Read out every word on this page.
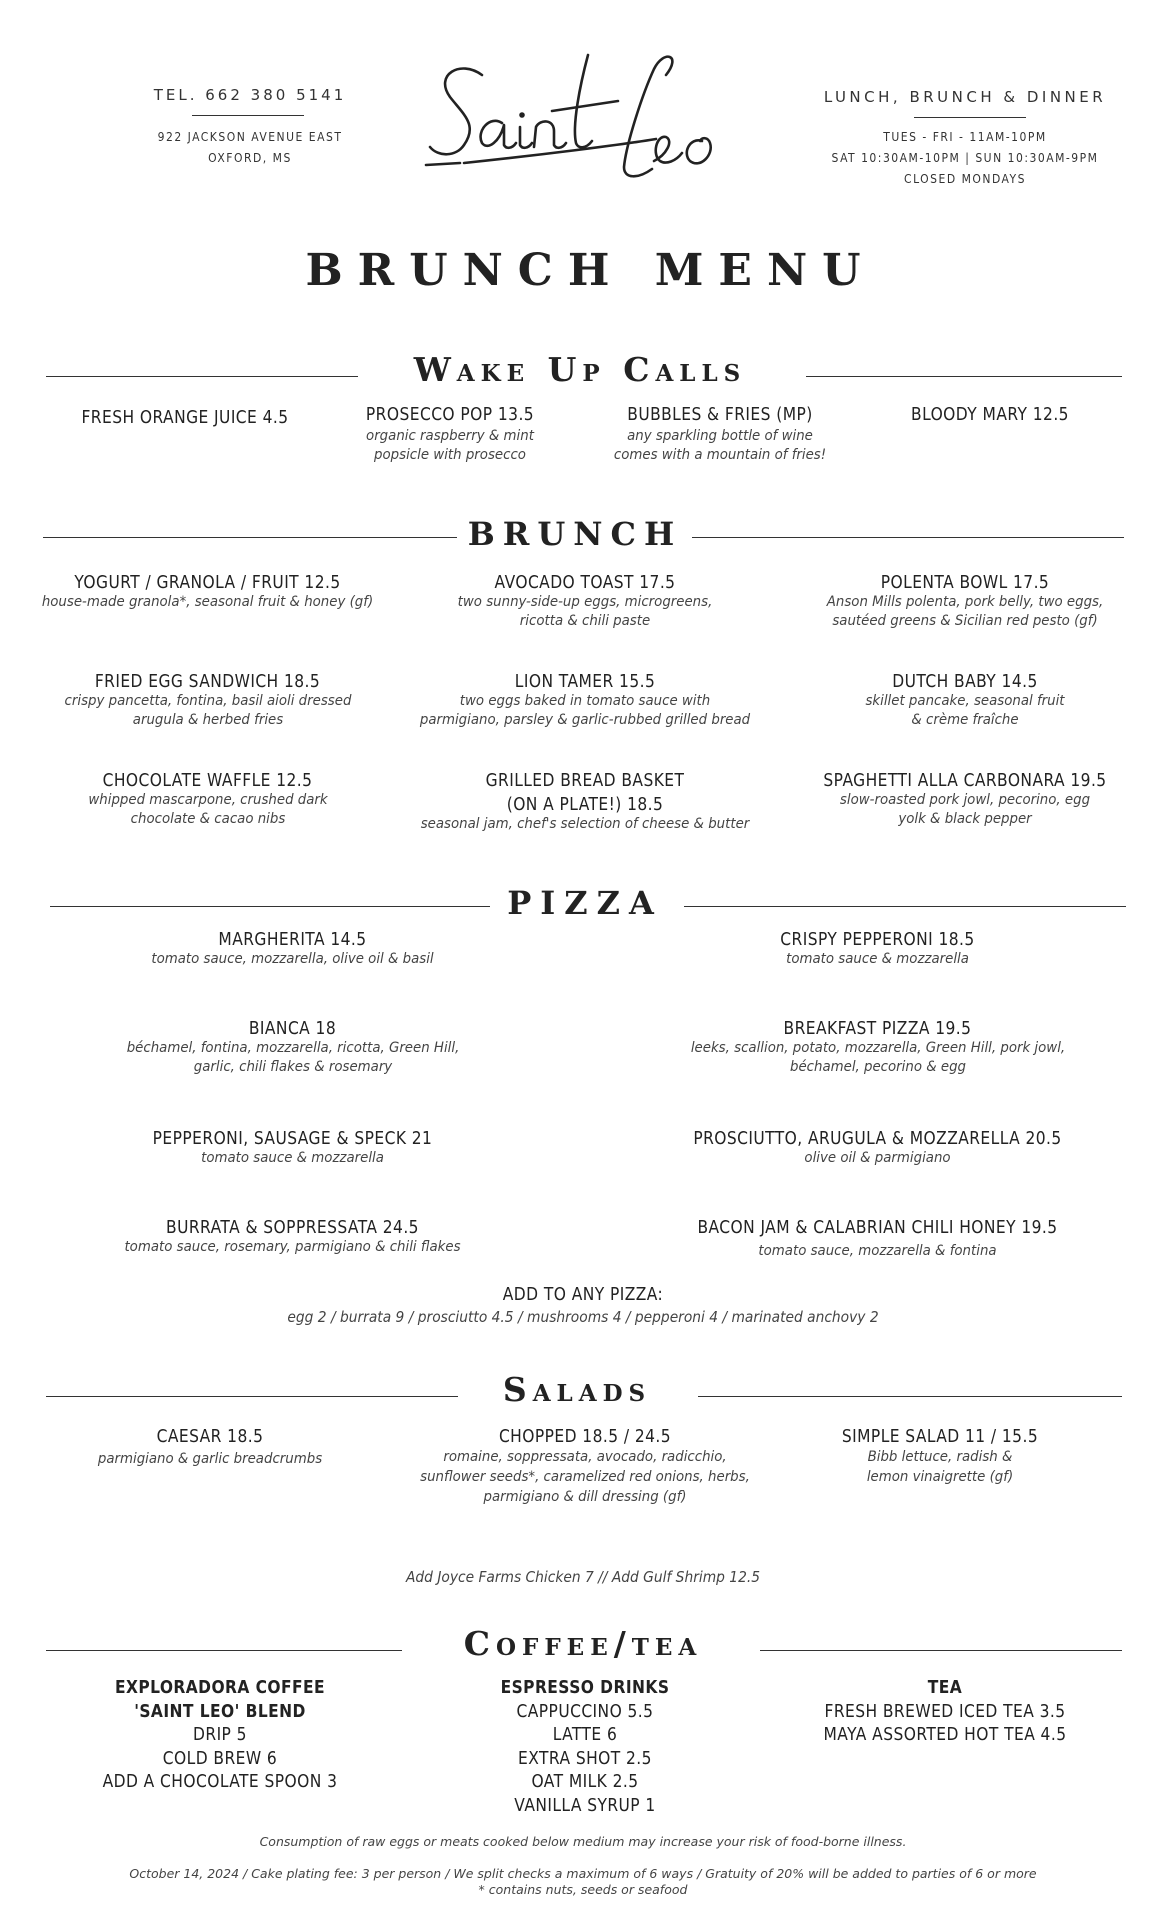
TEL. 662 380 5141
922 JACKSON AVENUE EAST
OXFORD, MS
LUNCH, BRUNCH & DINNER
TUES - FRI - 11AM-10PM
SAT 10:30AM-10PM | SUN 10:30AM-9PM
CLOSED MONDAYS
BRUNCH MENU
Wake Up Calls
FRESH ORANGE JUICE 4.5	PROSECCO POP 13.5
organic raspberry & mint popsicle with prosecco
BUBBLES & FRIES (MP)
any sparkling bottle of wine comes with a mountain of fries!
BLOODY MARY 12.5
BRUNCH
YOGURT / GRANOLA / FRUIT 12.5
house-made granola*, seasonal fruit & honey (gf)
AVOCADO TOAST 17.5
two sunny-side-up eggs, microgreens, ricotta & chili paste
POLENTA BOWL 17.5
Anson Mills polenta, pork belly, two eggs, sautéed greens & Sicilian red pesto (gf)
FRIED EGG SANDWICH 18.5
crispy pancetta, fontina, basil aioli dressed arugula & herbed fries
LION TAMER 15.5
two eggs baked in tomato sauce with parmigiano, parsley & garlic-rubbed grilled bread
DUTCH BABY 14.5
skillet pancake, seasonal fruit & crème fraîche
CHOCOLATE WAFFLE 12.5
whipped mascarpone, crushed dark chocolate & cacao nibs
GRILLED BREAD BASKET
(ON A PLATE!) 18.5
seasonal jam, chef's selection of cheese & butter
SPAGHETTI ALLA CARBONARA 19.5
slow-roasted pork jowl, pecorino, egg yolk & black pepper
PIZZA
MARGHERITA 14.5
tomato sauce, mozzarella, olive oil & basil
CRISPY PEPPERONI 18.5
tomato sauce & mozzarella
BIANCA 18
béchamel, fontina, mozzarella, ricotta, Green Hill, garlic, chili flakes & rosemary
BREAKFAST PIZZA 19.5
leeks, scallion, potato, mozzarella, Green Hill, pork jowl, béchamel, pecorino & egg
PEPPERONI, SAUSAGE & SPECK 21
tomato sauce & mozzarella
PROSCIUTTO, ARUGULA & MOZZARELLA 20.5
olive oil & parmigiano
BURRATA & SOPPRESSATA 24.5
tomato sauce, rosemary, parmigiano & chili flakes
BACON JAM & CALABRIAN CHILI HONEY 19.5
tomato sauce, mozzarella & fontina
ADD TO ANY PIZZA:
egg 2 / burrata 9 / prosciutto 4.5 / mushrooms 4 / pepperoni 4 / marinated anchovy 2
Salads
CAESAR 18.5
parmigiano & garlic breadcrumbs
CHOPPED 18.5 / 24.5
romaine, soppressata, avocado, radicchio, sunflower seeds*, caramelized red onions, herbs, parmigiano & dill dressing (gf)
SIMPLE SALAD 11 / 15.5
Bibb lettuce, radish & lemon vinaigrette (gf)
Add Joyce Farms Chicken 7 // Add Gulf Shrimp 12.5
Coffee/tea
EXPLORADORA COFFEE
'SAINT LEO' BLEND
DRIP 5
COLD BREW 6
ADD A CHOCOLATE SPOON 3
ESPRESSO DRINKS
CAPPUCCINO 5.5
LATTE 6
EXTRA SHOT 2.5
OAT MILK 2.5
VANILLA SYRUP 1
TEA
FRESH BREWED ICED TEA 3.5
MAYA ASSORTED HOT TEA 4.5
Consumption of raw eggs or meats cooked below medium may increase your risk of food-borne illness.
October 14, 2024 / Cake plating fee: 3 per person / We split checks a maximum of 6 ways / Gratuity of 20% will be added to parties of 6 or more
* contains nuts, seeds or seafood
